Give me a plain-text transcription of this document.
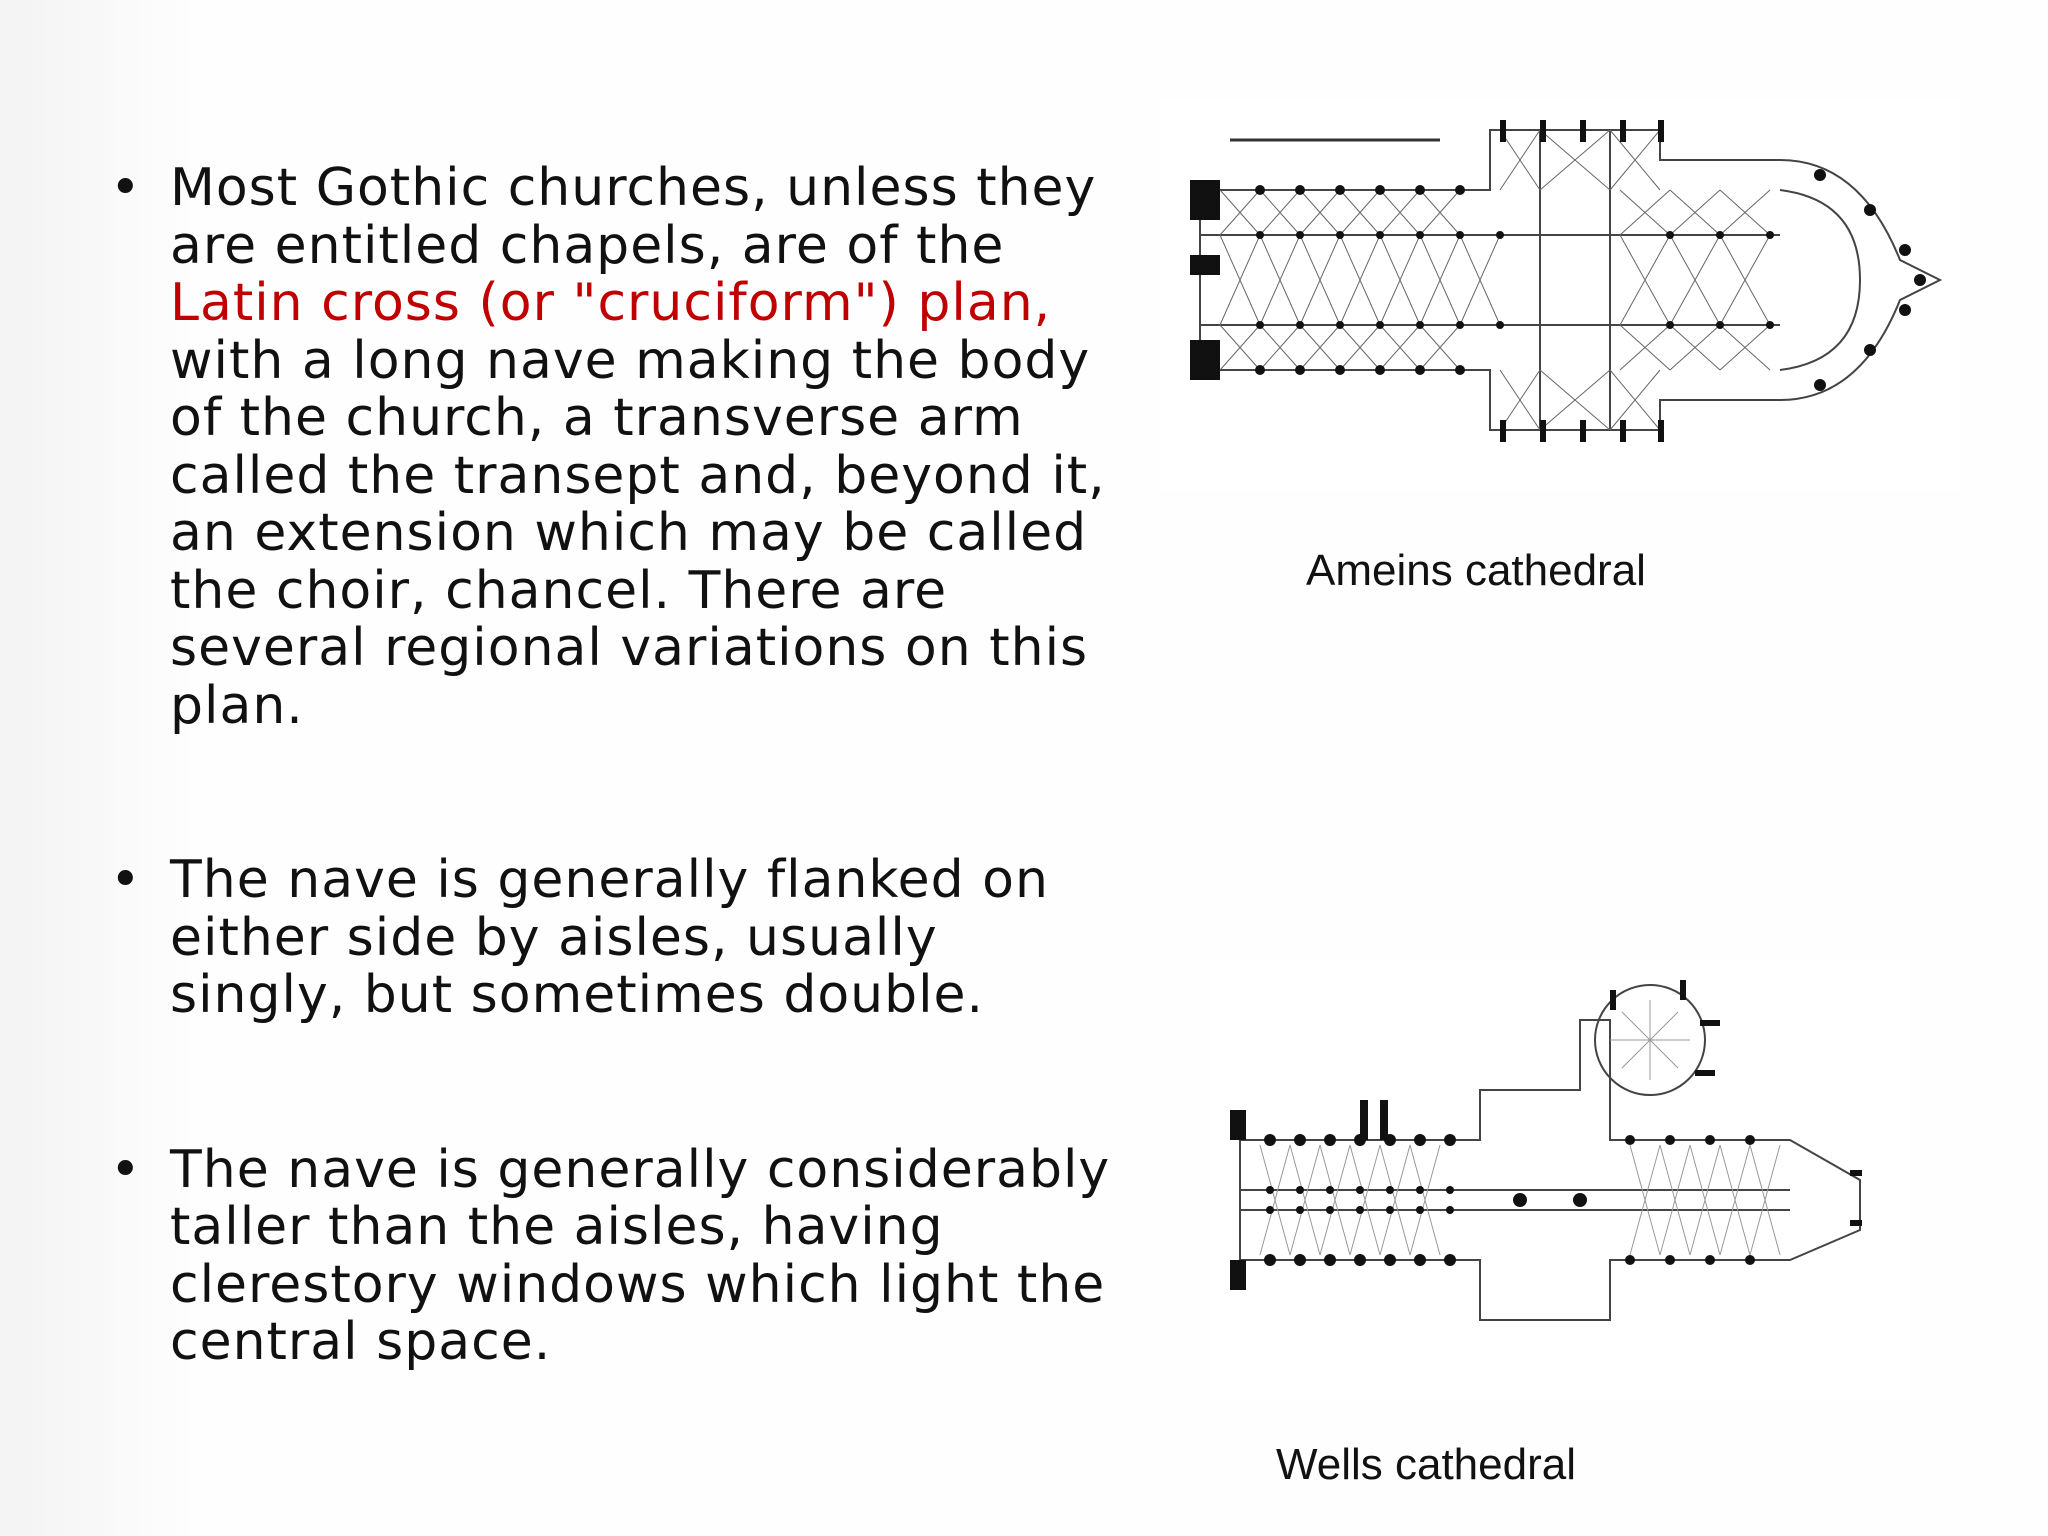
• Most Gothic churches, unless they are entitled chapels, are of the Latin cross (or "cruciform") plan, with a long nave making the body of the church, a transverse arm called the transept and, beyond it, an extension which may be called the choir, chancel. There are several regional variations on this plan.
• The nave is generally flanked on either side by aisles, usually singly, but sometimes double.
• The nave is generally considerably taller than the aisles, having clerestory windows which light the central space.
Ameins cathedral
Wells cathedral
